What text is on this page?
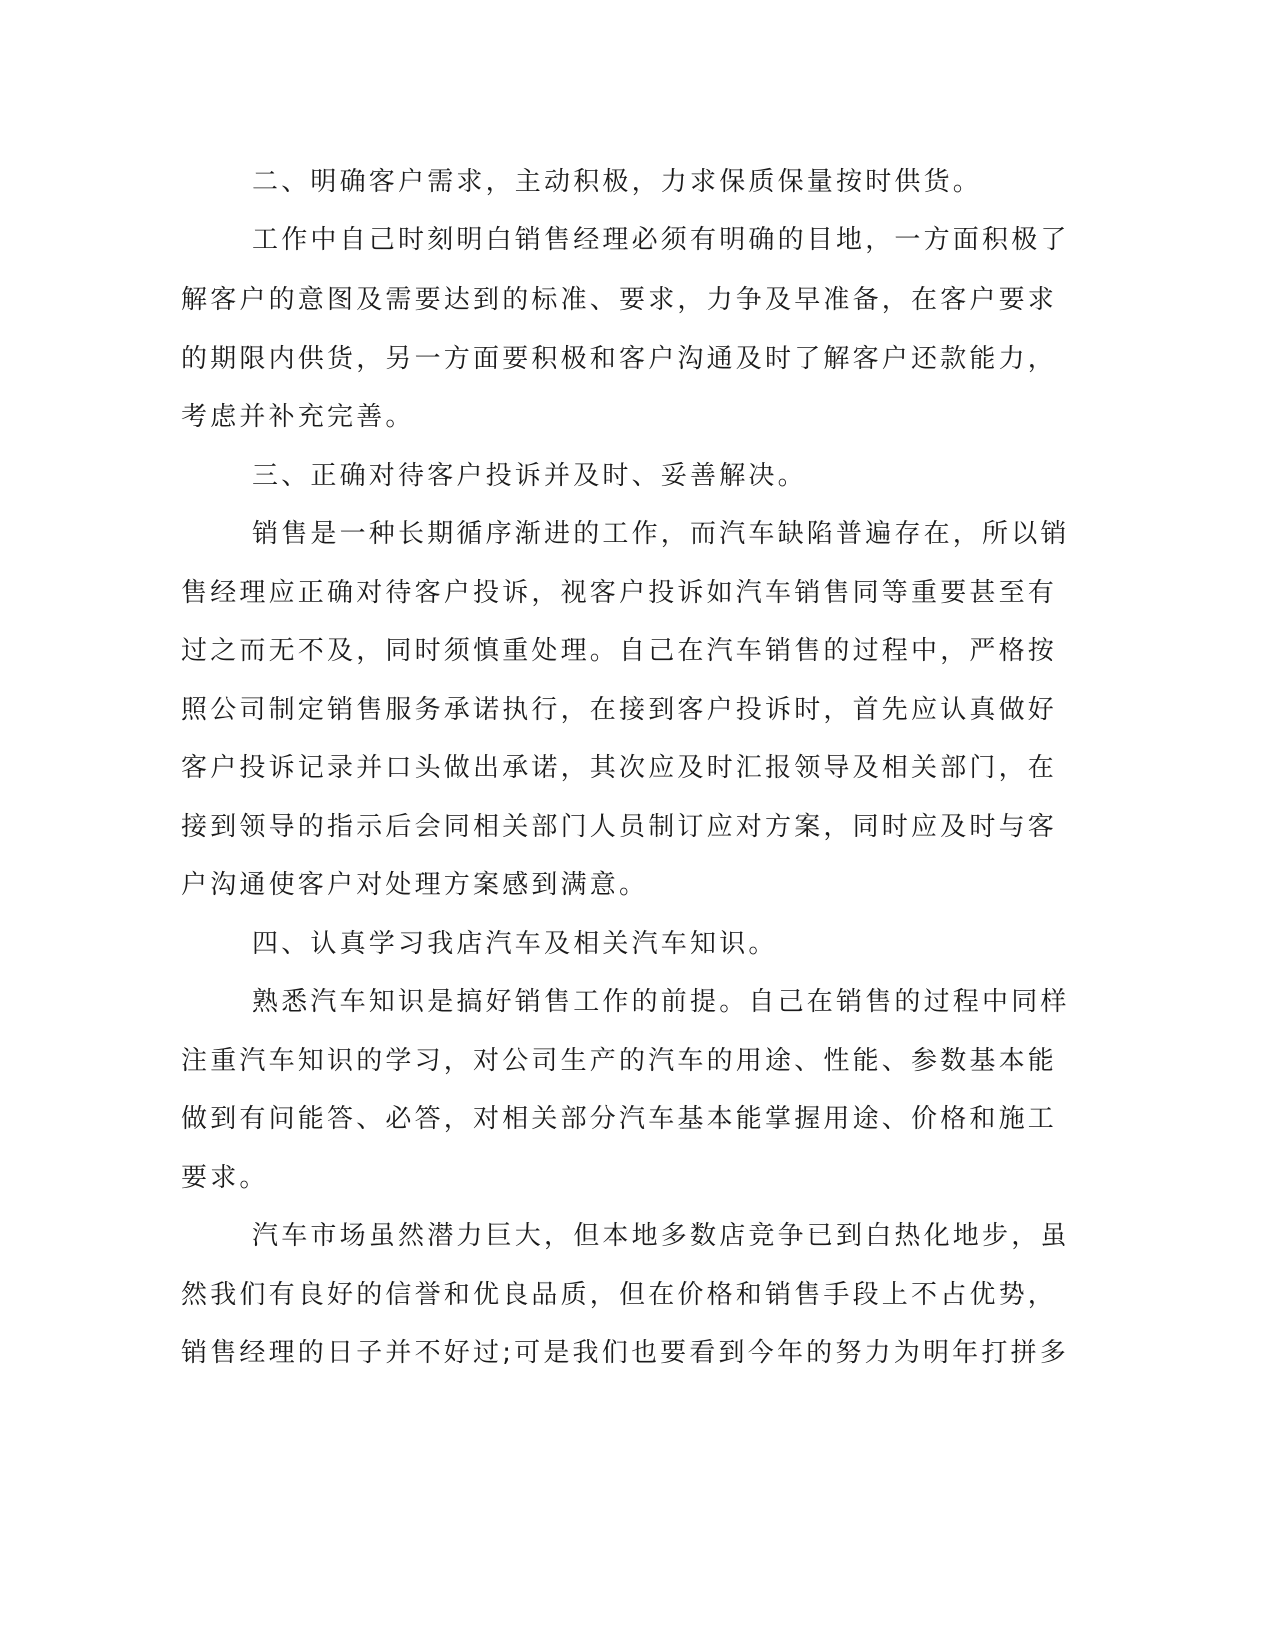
二、明确客户需求，主动积极，力求保质保量按时供货。
工作中自己时刻明白销售经理必须有明确的目地，一方面积极了
解客户的意图及需要达到的标准、要求，力争及早准备，在客户要求
的期限内供货，另一方面要积极和客户沟通及时了解客户还款能力，
考虑并补充完善。
三、正确对待客户投诉并及时、妥善解决。
销售是一种长期循序渐进的工作，而汽车缺陷普遍存在，所以销
售经理应正确对待客户投诉，视客户投诉如汽车销售同等重要甚至有
过之而无不及，同时须慎重处理。自己在汽车销售的过程中，严格按
照公司制定销售服务承诺执行，在接到客户投诉时，首先应认真做好
客户投诉记录并口头做出承诺，其次应及时汇报领导及相关部门，在
接到领导的指示后会同相关部门人员制订应对方案，同时应及时与客
户沟通使客户对处理方案感到满意。
四、认真学习我店汽车及相关汽车知识。
熟悉汽车知识是搞好销售工作的前提。自己在销售的过程中同样
注重汽车知识的学习，对公司生产的汽车的用途、性能、参数基本能
做到有问能答、必答，对相关部分汽车基本能掌握用途、价格和施工
要求。
汽车市场虽然潜力巨大，但本地多数店竞争已到白热化地步，虽
然我们有良好的信誉和优良品质，但在价格和销售手段上不占优势，
销售经理的日子并不好过;可是我们也要看到今年的努力为明年打拼多
